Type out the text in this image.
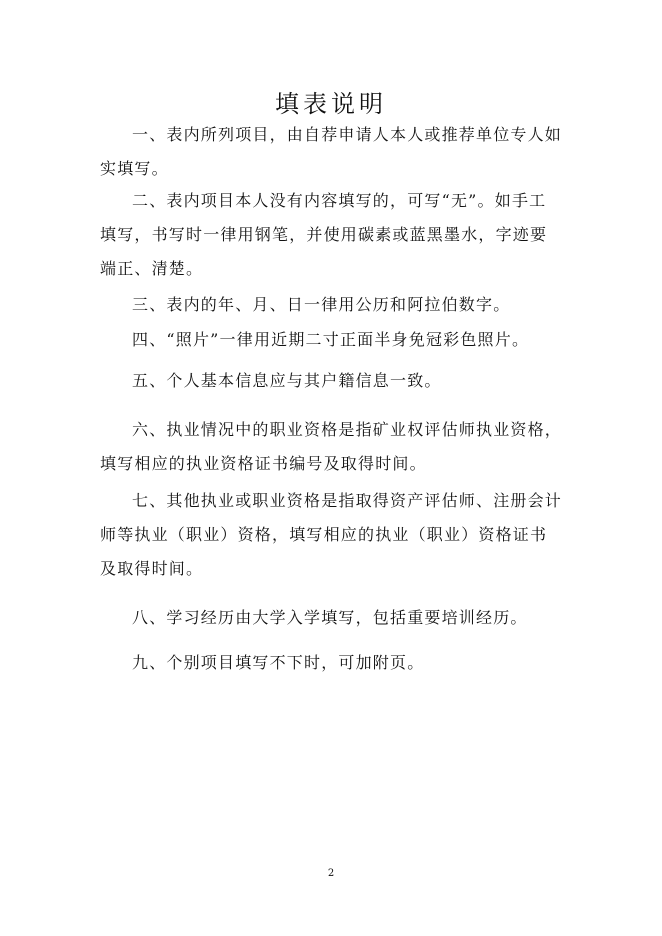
填表说明
一、表内所列项目，由自荐申请人本人或推荐单位专人如实填写。
二、表内项目本人没有内容填写的，可写“无”。如手工填写，书写时一律用钢笔，并使用碳素或蓝黑墨水，字迹要端正、清楚。
三、表内的年、月、日一律用公历和阿拉伯数字。
四、“照片”一律用近期二寸正面半身免冠彩色照片。
五、个人基本信息应与其户籍信息一致。
六、执业情况中的职业资格是指矿业权评估师执业资格，填写相应的执业资格证书编号及取得时间。
七、其他执业或职业资格是指取得资产评估师、注册会计师等执业（职业）资格，填写相应的执业（职业）资格证书及取得时间。
八、学习经历由大学入学填写，包括重要培训经历。
九、个别项目填写不下时，可加附页。
2
